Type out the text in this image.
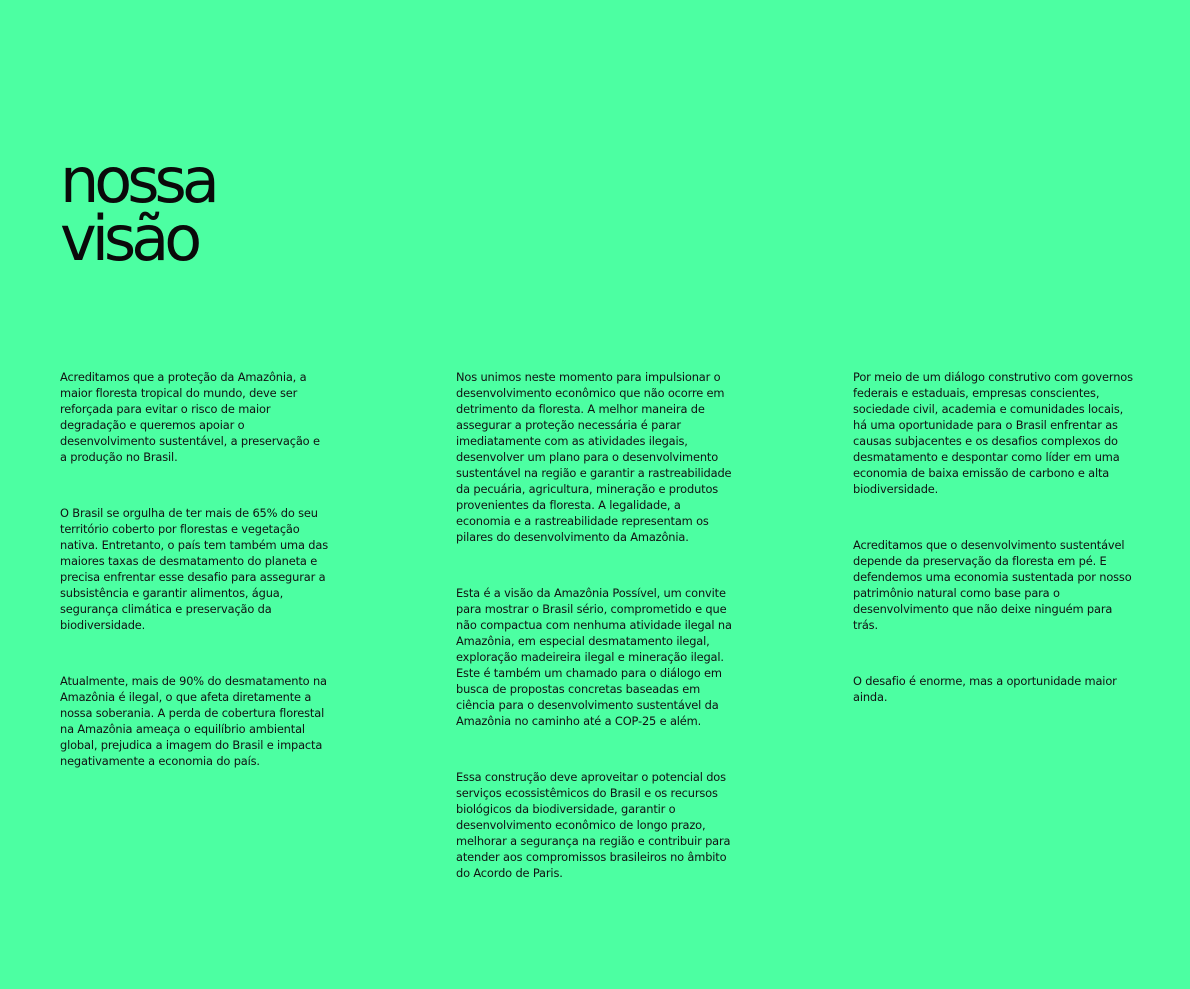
nossa
visão

Acreditamos que a proteção da Amazônia, a maior floresta tropical do mundo, deve ser reforçada para evitar o risco de maior degradação e queremos apoiar o desenvolvimento sustentável, a preservação e a produção no Brasil.

O Brasil se orgulha de ter mais de 65% do seu território coberto por florestas e vegetação nativa. Entretanto, o país tem também uma das maiores taxas de desmatamento do planeta e precisa enfrentar esse desafio para assegurar a subsistência e garantir alimentos, água, segurança climática e preservação da biodiversidade.

Atualmente, mais de 90% do desmatamento na Amazônia é ilegal, o que afeta diretamente a nossa soberania. A perda de cobertura florestal na Amazônia ameaça o equilíbrio ambiental global, prejudica a imagem do Brasil e impacta negativamente a economia do país.

Nos unimos neste momento para impulsionar o desenvolvimento econômico que não ocorre em detrimento da floresta. A melhor maneira de assegurar a proteção necessária é parar imediatamente com as atividades ilegais, desenvolver um plano para o desenvolvimento sustentável na região e garantir a rastreabilidade da pecuária, agricultura, mineração e produtos provenientes da floresta. A legalidade, a economia e a rastreabilidade representam os pilares do desenvolvimento da Amazônia.

Esta é a visão da Amazônia Possível, um convite para mostrar o Brasil sério, comprometido e que não compactua com nenhuma atividade ilegal na Amazônia, em especial desmatamento ilegal, exploração madeireira ilegal e mineração ilegal. Este é também um chamado para o diálogo em busca de propostas concretas baseadas em ciência para o desenvolvimento sustentável da Amazônia no caminho até a COP-25 e além.

Essa construção deve aproveitar o potencial dos serviços ecossistêmicos do Brasil e os recursos biológicos da biodiversidade, garantir o desenvolvimento econômico de longo prazo, melhorar a segurança na região e contribuir para atender aos compromissos brasileiros no âmbito do Acordo de Paris.

Por meio de um diálogo construtivo com governos federais e estaduais, empresas conscientes, sociedade civil, academia e comunidades locais, há uma oportunidade para o Brasil enfrentar as causas subjacentes e os desafios complexos do desmatamento e despontar como líder em uma economia de baixa emissão de carbono e alta biodiversidade.

Acreditamos que o desenvolvimento sustentável depende da preservação da floresta em pé. E defendemos uma economia sustentada por nosso patrimônio natural como base para o desenvolvimento que não deixe ninguém para trás.

O desafio é enorme, mas a oportunidade maior ainda.
